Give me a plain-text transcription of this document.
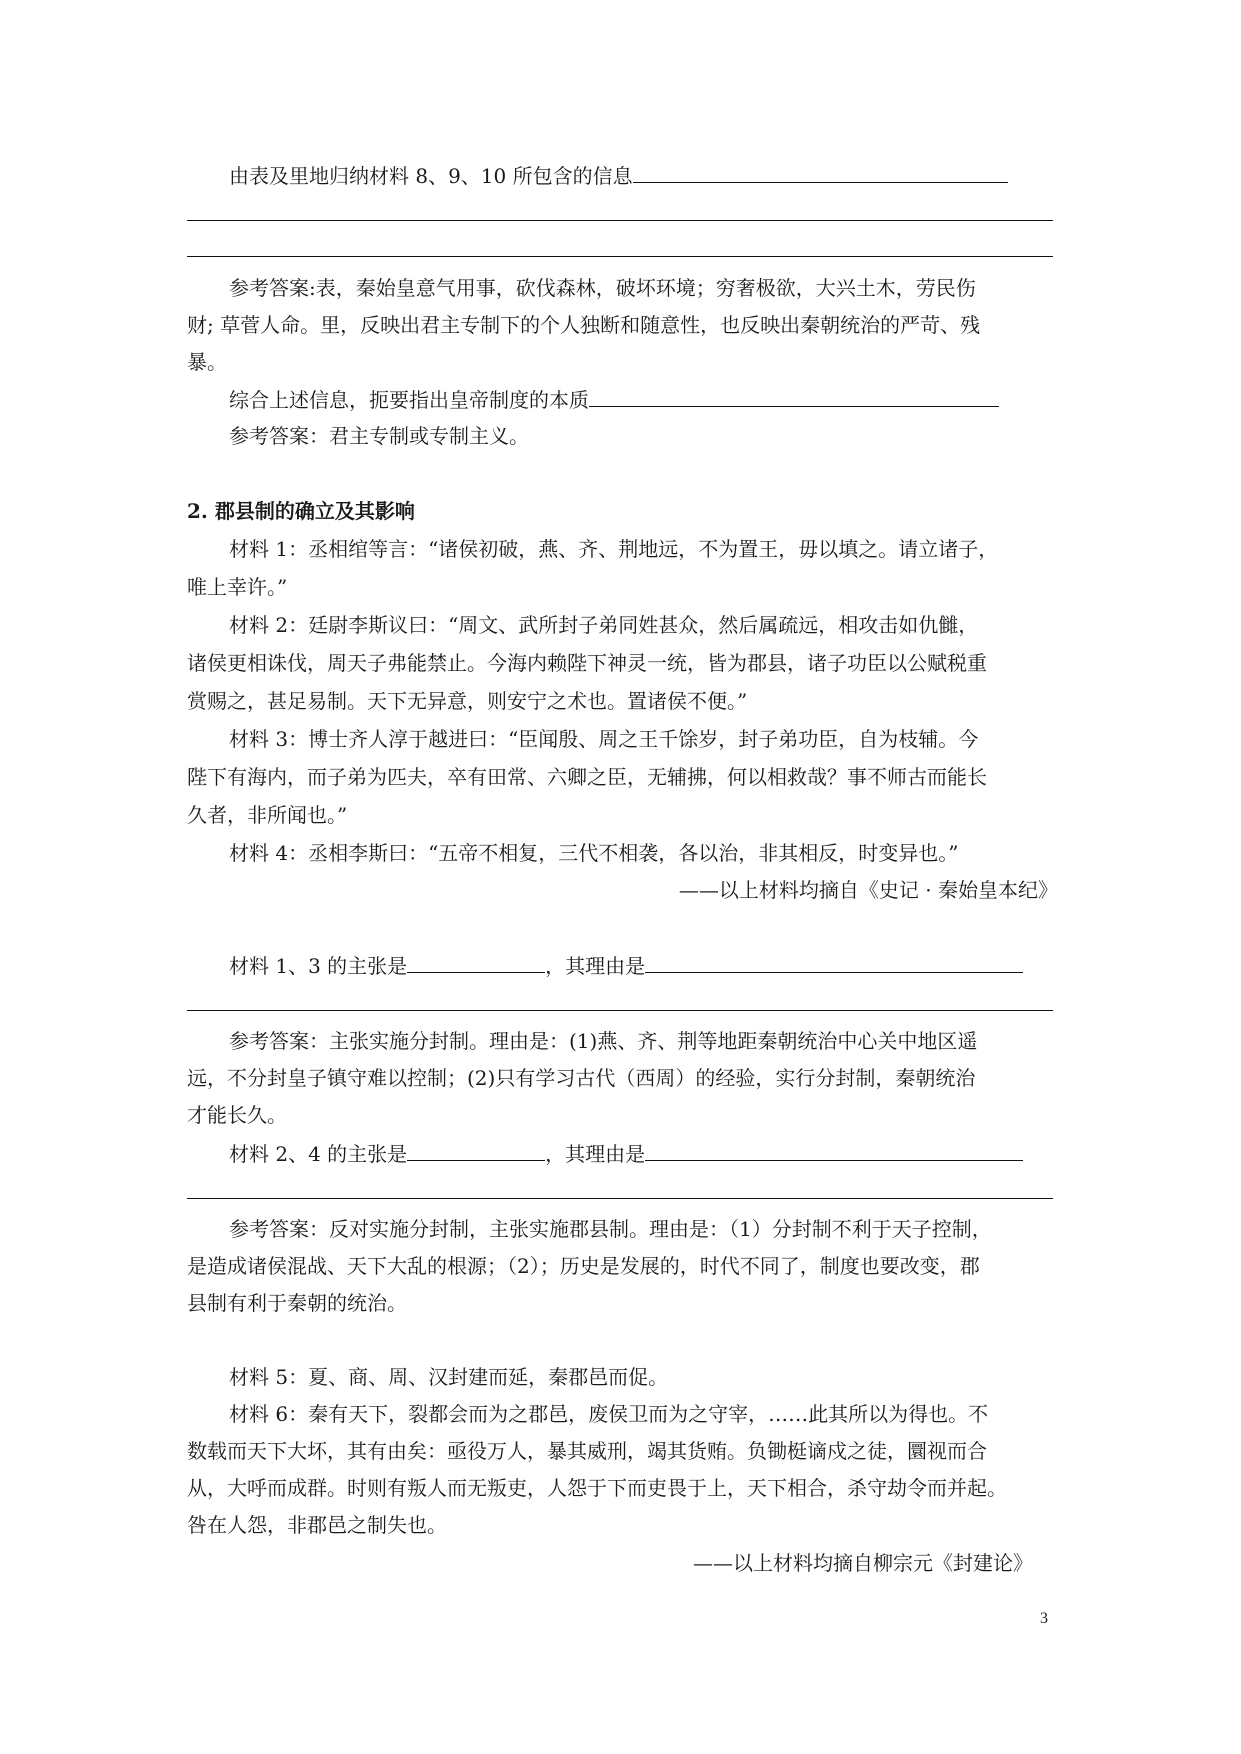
由表及里地归纳材料 8、9、10 所包含的信息
参考答案:表，秦始皇意气用事，砍伐森林，破坏环境；穷奢极欲，大兴土木，劳民伤
财; 草菅人命。里，反映出君主专制下的个人独断和随意性，也反映出秦朝统治的严苛、残
暴。
综合上述信息，扼要指出皇帝制度的本质
参考答案：君主专制或专制主义。
2. 郡县制的确立及其影响
材料 1：丞相绾等言：“诸侯初破，燕、齐、荆地远，不为置王，毋以填之。请立诸子，
唯上幸许。”
材料 2：廷尉李斯议曰：“周文、武所封子弟同姓甚众，然后属疏远，相攻击如仇雠，
诸侯更相诛伐，周天子弗能禁止。今海内赖陛下神灵一统，皆为郡县，诸子功臣以公赋税重
赏赐之，甚足易制。天下无异意，则安宁之术也。置诸侯不便。”
材料 3：博士齐人淳于越进曰：“臣闻殷、周之王千馀岁，封子弟功臣，自为枝辅。今
陛下有海内，而子弟为匹夫，卒有田常、六卿之臣，无辅拂，何以相救哉？事不师古而能长
久者，非所闻也。”
材料 4：丞相李斯曰：“五帝不相复，三代不相袭，各以治，非其相反，时变异也。”
——以上材料均摘自《史记 · 秦始皇本纪》
材料 1、3 的主张是	，其理由是
参考答案：主张实施分封制。理由是：(1)燕、齐、荆等地距秦朝统治中心关中地区遥
远，不分封皇子镇守难以控制；(2)只有学习古代（西周）的经验，实行分封制，秦朝统治
才能长久。
材料 2、4 的主张是	，其理由是
参考答案：反对实施分封制，主张实施郡县制。理由是：（1）分封制不利于天子控制，
是造成诸侯混战、天下大乱的根源；（2）；历史是发展的，时代不同了，制度也要改变，郡
县制有利于秦朝的统治。
材料 5：夏、商、周、汉封建而延，秦郡邑而促。
材料 6：秦有天下，裂都会而为之郡邑，废侯卫而为之守宰，……此其所以为得也。不
数载而天下大坏，其有由矣：亟役万人，暴其威刑，竭其货贿。负锄梃谪戍之徒，圜视而合
从，大呼而成群。时则有叛人而无叛吏，人怨于下而吏畏于上，天下相合，杀守劫令而并起。
咎在人怨，非郡邑之制失也。
——以上材料均摘自柳宗元《封建论》
3
